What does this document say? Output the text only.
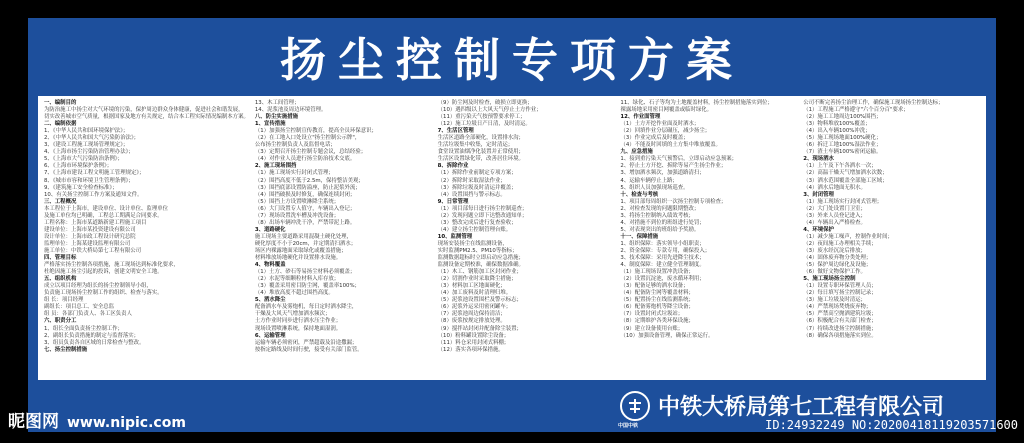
扬尘控制专项方案
一、编制目的
为防治施工中扬尘对大气环境的污染，保护周边群众身体健康，促进社会和谐发展，
切实改善城市空气质量，根据国家及地方有关规定，结合本工程实际情况编制本方案。
二、编制依据
1、《中华人民共和国环境保护法》；
2、《中华人民共和国大气污染防治法》；
3、《建设工程施工现场管理规定》；
4、《上海市扬尘污染防治管理办法》；
5、《上海市大气污染防治条例》；
6、《上海市环境保护条例》；
7、《上海市建设工程文明施工管理规定》；
8、《城市市容和环境卫生管理条例》；
9、《建筑施工安全检查标准》；
10、有关扬尘控制工作方案及通知文件。
三、工程概况
本工程位于上海市，建设单位、设计单位、监理单位
及施工单位均已明确，工程总工期满足合同要求。
工程名称：上海市某道路新建工程施工项目
建设单位：上海市某投资建设有限公司
设计单位：上海市政工程设计研究总院
监理单位：上海某建设监理有限公司
施工单位：中铁大桥局第七工程有限公司
四、管理目标
严格落实扬尘控制各项措施，施工现场达到标准化要求，
杜绝因施工扬尘引起的投诉，创建文明安全工地。
五、组织机构
成立以项目经理为组长的扬尘控制领导小组，
负责施工现场扬尘控制工作的组织、检查与落实。
组 长：项目经理
副组长：项目总工、安全总监
组 员：各部门负责人、各工区负责人
六、职责分工
1、组长全面负责扬尘控制工作；
2、副组长负责措施的制定与监督落实；
3、组员负责各自区域的日常检查与整改。
七、扬尘控制措施
13、木工间管理；
14、泥浆池及周边环境管理。
八、防尘实施措施
1、宣传措施
（1）加强扬尘控制宣传教育，提高全员环保意识；
（2）在工地入口处设立"扬尘控制公示牌"，
公布扬尘控制负责人及监督电话；
（3）定期召开扬尘控制专题会议，总结经验；
（4）对作业人员进行扬尘防治技术交底。
2、施工现场围挡
（1）施工现场实行封闭式管理；
（2）围挡高度不低于2.5m，保持整洁美观；
（3）围挡底部设置防溢座，防止泥浆外流；
（4）围挡破损及时修复，确保连续封闭；
（5）围挡上方设置喷淋降尘系统；
（6）大门设置专人值守，车辆出入登记；
（7）现场设置洗车槽及冲洗设备；
（8）出场车辆冲洗干净，严禁带泥上路。
3、道路硬化
施工现场主要道路采用混凝土硬化处理，
硬化厚度不小于20cm，并定期清扫洒水；
场区内裸露地面采取绿化或覆盖措施；
材料堆放场地硬化并设置排水设施。
4、物料覆盖
（1）土方、砂石等易扬尘材料必须覆盖；
（2）水泥等细颗粒材料入库存放；
（3）覆盖采用密目防尘网，覆盖率100%；
（4）堆放高度不超过围挡高度。
5、洒水降尘
配备洒水车及雾炮机，每日定时洒水降尘，
干燥及大风天气增加洒水频次；
土方作业时同步进行洒水压尘作业；
现场设置喷淋系统，保持地面湿润。
6、运输管理
运输车辆必须密闭，严禁超载及沿途撒漏；
按指定路线及时间行驶，接受有关部门监管。
（9）防尘网及时检查，破损立即更换；
（10）遇四级以上大风天气停止土方作业；
（11）重污染天气按预警要求停工；
（12）施工垃圾日产日清，及时清运。
7、生活区管理
生活区道路全部硬化，设置排水沟；
生活垃圾集中收集，定时清运；
食堂设置油烟净化装置并正常使用；
生活区设置绿化带，改善居住环境。
8、拆除作业
（1）拆除作业前制定专项方案；
（2）拆除时采取湿法作业；
（3）拆除垃圾及时清运并覆盖；
（4）设置围挡与警示标志。
9、日常管理
（1）项目部每日进行扬尘控制巡查；
（2）发现问题立即下达整改通知单；
（3）整改完成后进行复查验收；
（4）建立扬尘控制管理台账。
10、监测管理
现场安装扬尘在线监测设备，
实时监测PM2.5、PM10等指标；
监测数据超标时立即启动应急措施；
监测设备定期校准，确保数据准确。
（1）木工、钢筋加工区封闭作业；
（2）切割作业时采取降尘措施；
（3）材料加工区地面硬化；
（4）加工废料及时清理归堆。
（5）泥浆池设置围栏及警示标志；
（6）泥浆外运采用密闭罐车；
（7）泥浆池周边保持清洁；
（8）废浆按规定排放处理。
（9）搅拌站封闭并配备除尘装置；
（10）粉料罐设置除尘设备；
（11）料仓采用封闭式料棚；
（12）落实各项环保措施。
11、绿化、石子等均为土地覆盖材料，扬尘控制措施落实到位；
裸露场地采用密目网覆盖或临时绿化。
12、作业面管理
（1）土方开挖作业面及时洒水；
（2）回填作业分层碾压，减少扬尘；
（3）作业完成后及时覆盖；
（4）不能及时回填的土方集中堆放覆盖。
九、应急措施
1、接到重污染天气预警后，立即启动应急预案；
2、停止土方开挖、拆除等易产生扬尘作业；
3、增加洒水频次，加强道路清扫；
4、运输车辆停止上路；
5、组织人员加强现场巡查。
十、检查与考核
1、项目部每周组织一次扬尘控制专项检查；
2、对检查发现的问题限期整改；
3、将扬尘控制纳入绩效考核；
4、对措施不到位的班组进行处罚；
5、对表现突出的班组给予奖励。
十一、保障措施
1、组织保障：落实领导小组职责；
2、资金保障：专款专用，确保投入；
3、技术保障：采用先进降尘技术；
4、制度保障：建立健全管理制度。
（1）施工现场设置冲洗设备；
（2）设置沉淀池，废水循环利用；
（3）配备足够的洒水设备；
（4）配备防尘网等覆盖材料；
（5）配置扬尘在线监测系统；
（6）配备雾炮机等降尘设备；
（7）设置封闭式垃圾站；
（8）定期维护各类环保设施；
（9）建立设备使用台账；
（10）加强设备管理，确保正常运行。
公司不断完善扬尘治理工作，确保施工现场扬尘控制达标；
（1）工程施工严格遵守"六个百分百"要求；
（2）施工工地周边100%围挡；
（3）物料堆放100%覆盖；
（4）出入车辆100%冲洗；
（5）施工现场地面100%硬化；
（6）拆迁工地100%湿法作业；
（7）渣土车辆100%密闭运输。
2、现场洒水
（1）上午及下午各洒水一次；
（2）高温干燥天气增加洒水次数；
（3）洒水范围覆盖全部施工区域；
（4）洒水后地面无积水。
3、封闭管理
（1）施工现场实行封闭式管理；
（2）大门处设置门卫室；
（3）外来人员登记进入；
（4）车辆出入严格检查。
4、环境保护
（1）减少施工噪声，控制作业时间；
（2）夜间施工办理相关手续；
（3）废水经沉淀后排放；
（4）固体废弃物分类处理；
（5）保护周边绿化及设施；
（6）做好文物保护工作。
5、施工现场扬尘控制
（1）设置专职环保管理人员；
（2）每日填写扬尘控制记录；
（3）施工垃圾及时清运；
（4）严禁现场焚烧废弃物；
（5）严禁高空抛洒建筑垃圾；
（6）积极配合有关部门检查；
（7）持续改进扬尘控制措施；
（8）确保各项措施落实到位。
中国中铁
中铁大桥局第七工程有限公司
昵图网 www.nipic.com	ID:24932249 NO:20200418119203571600
